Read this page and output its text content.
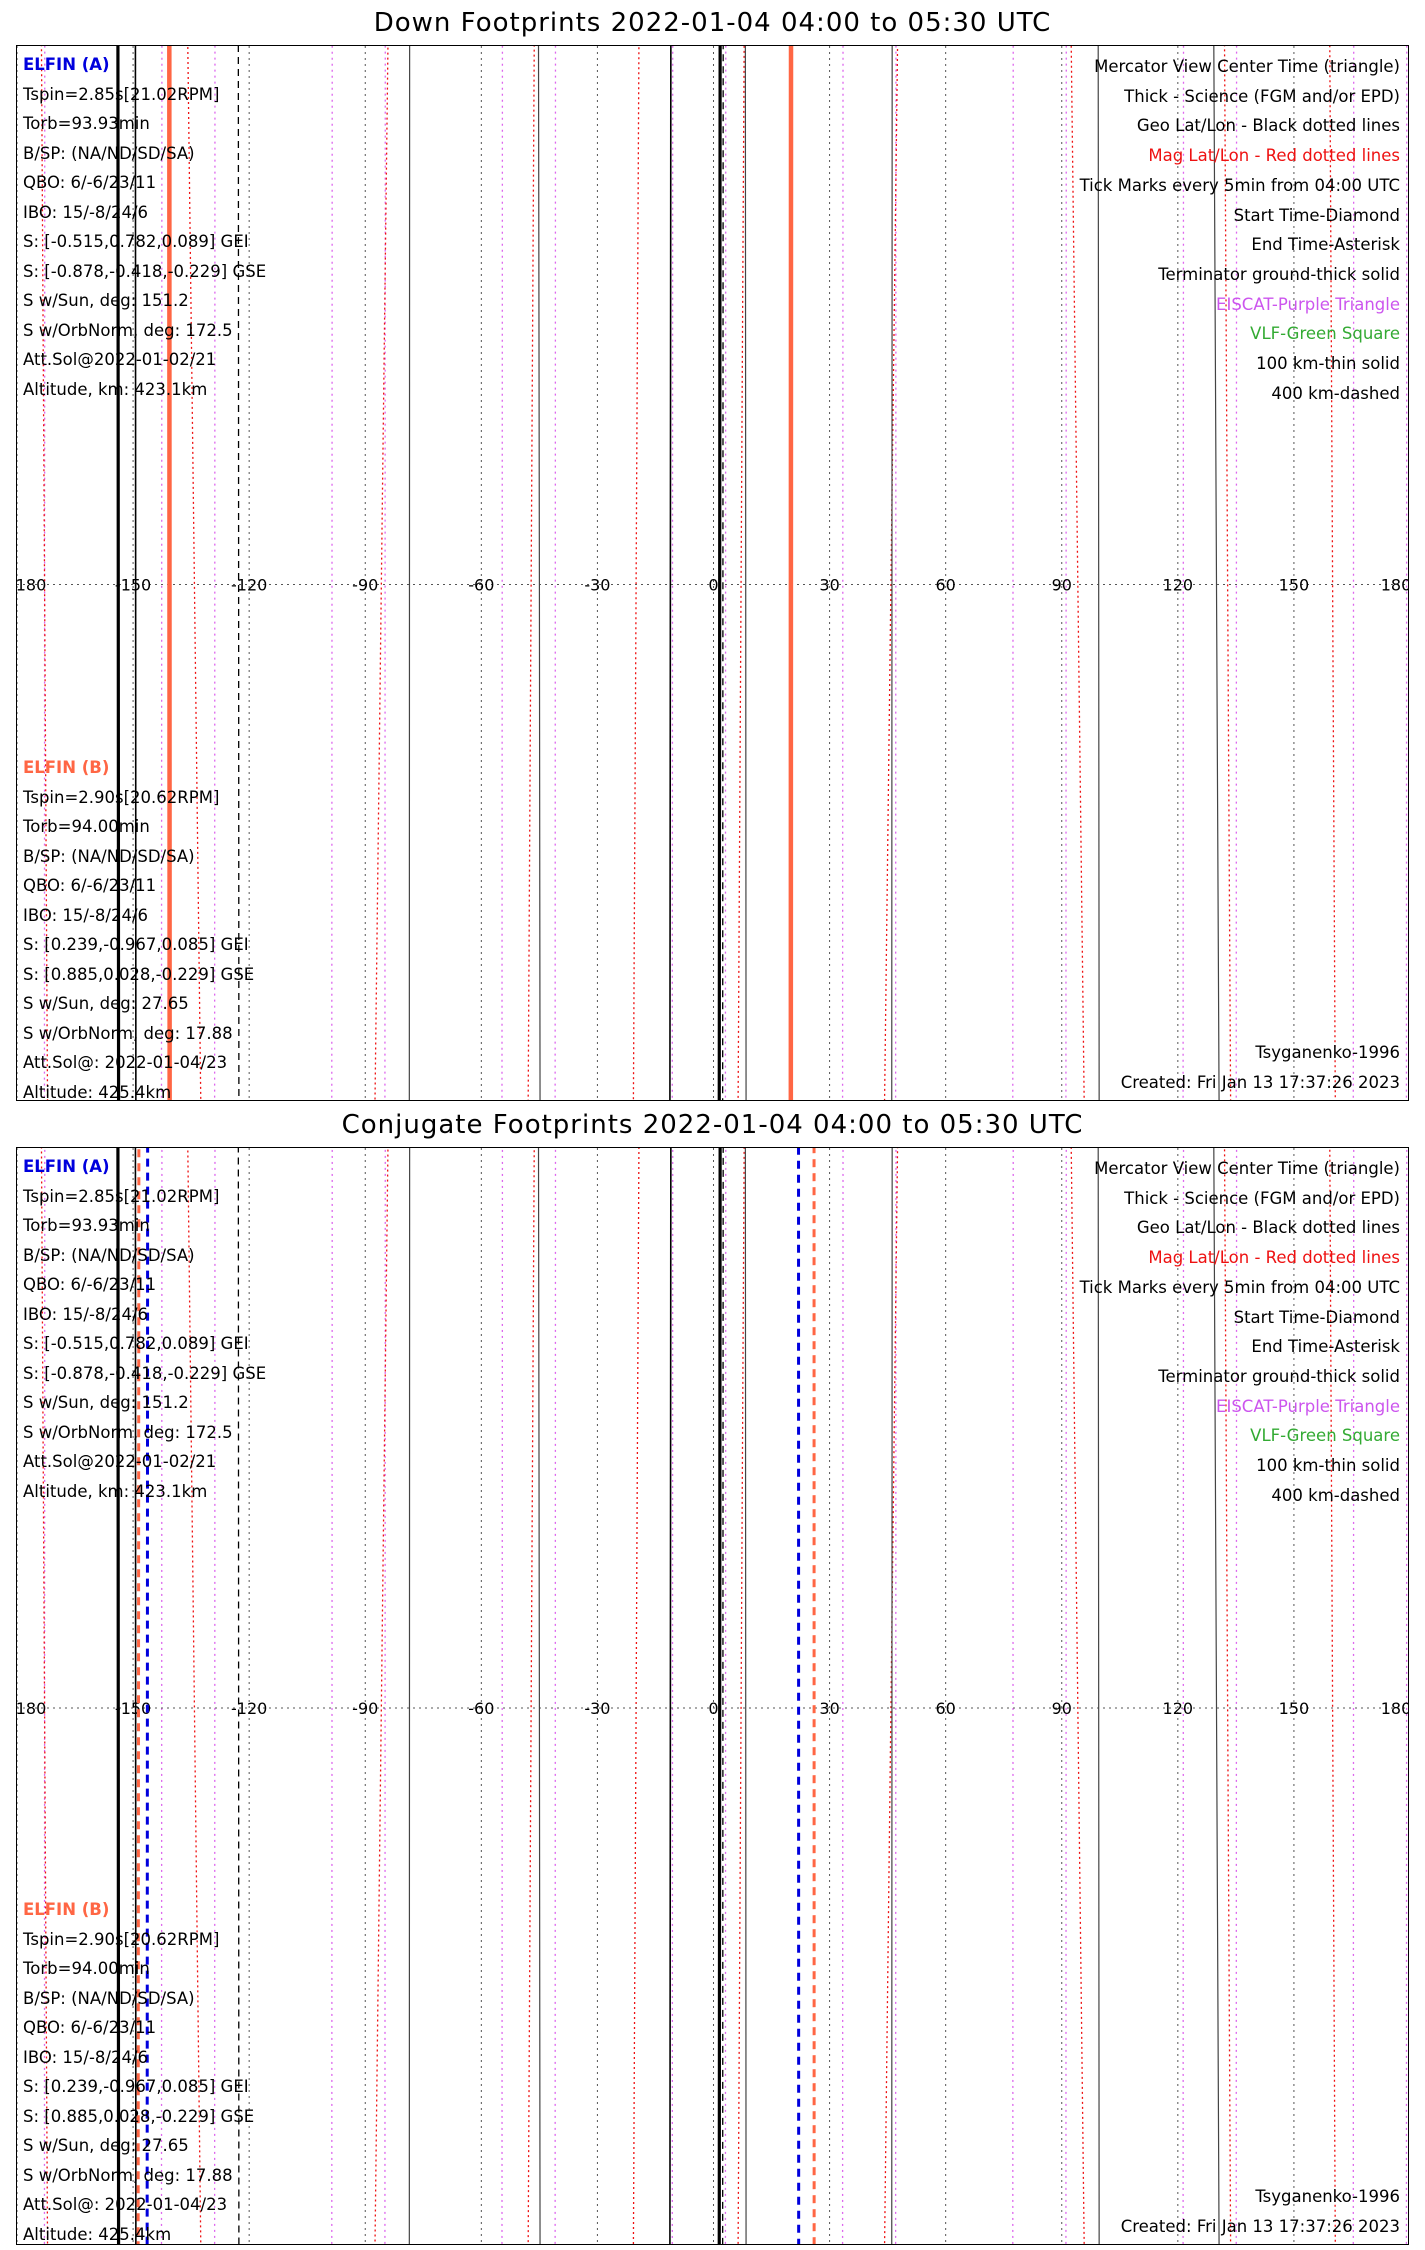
Down Footprints 2022-01-04 04:00 to 05:30 UTC
180	-150	-120	-90	-60	-30	0	30	60	90	120	150	180
ELFIN (A)
Tspin=2.85s[21.02RPM]
Torb=93.93min
B/SP: (NA/ND/SD/SA)
QBO: 6/-6/23/11
IBO: 15/-8/24/6
S: [-0.515,0.782,0.089] GEI
S: [-0.878,-0.418,-0.229] GSE
S w/Sun, deg: 151.2
S w/OrbNorm, deg: 172.5
Att.Sol@2022-01-02/21
Altitude, km: 423.1km
ELFIN (B)
Tspin=2.90s[20.62RPM]
Torb=94.00min
B/SP: (NA/ND/SD/SA)
QBO: 6/-6/23/11
IBO: 15/-8/24/6
S: [0.239,-0.967,0.085] GEI
S: [0.885,0.028,-0.229] GSE
S w/Sun, deg: 27.65
S w/OrbNorm, deg: 17.88
Att.Sol@: 2022-01-04/23
Altitude: 425.4km
Mercator View Center Time (triangle)
Thick - Science (FGM and/or EPD)
Geo Lat/Lon - Black dotted lines
Mag Lat/Lon - Red dotted lines
Tick Marks every 5min from 04:00 UTC
Start Time-Diamond
End Time-Asterisk
Terminator ground-thick solid
EISCAT-Purple Triangle
VLF-Green Square
100 km-thin solid
400 km-dashed
Tsyganenko-1996
Created: Fri Jan 13 17:37:26 2023
Conjugate Footprints 2022-01-04 04:00 to 05:30 UTC
180	-150	-120	-90	-60	-30	0	30	60	90	120	150	180
ELFIN (A)
Tspin=2.85s[21.02RPM]
Torb=93.93min
B/SP: (NA/ND/SD/SA)
QBO: 6/-6/23/11
IBO: 15/-8/24/6
S: [-0.515,0.782,0.089] GEI
S: [-0.878,-0.418,-0.229] GSE
S w/Sun, deg: 151.2
S w/OrbNorm, deg: 172.5
Att.Sol@2022-01-02/21
Altitude, km: 423.1km
ELFIN (B)
Tspin=2.90s[20.62RPM]
Torb=94.00min
B/SP: (NA/ND/SD/SA)
QBO: 6/-6/23/11
IBO: 15/-8/24/6
S: [0.239,-0.967,0.085] GEI
S: [0.885,0.028,-0.229] GSE
S w/Sun, deg: 27.65
S w/OrbNorm, deg: 17.88
Att.Sol@: 2022-01-04/23
Altitude: 425.4km
Mercator View Center Time (triangle)
Thick - Science (FGM and/or EPD)
Geo Lat/Lon - Black dotted lines
Mag Lat/Lon - Red dotted lines
Tick Marks every 5min from 04:00 UTC
Start Time-Diamond
End Time-Asterisk
Terminator ground-thick solid
EISCAT-Purple Triangle
VLF-Green Square
100 km-thin solid
400 km-dashed
Tsyganenko-1996
Created: Fri Jan 13 17:37:26 2023
